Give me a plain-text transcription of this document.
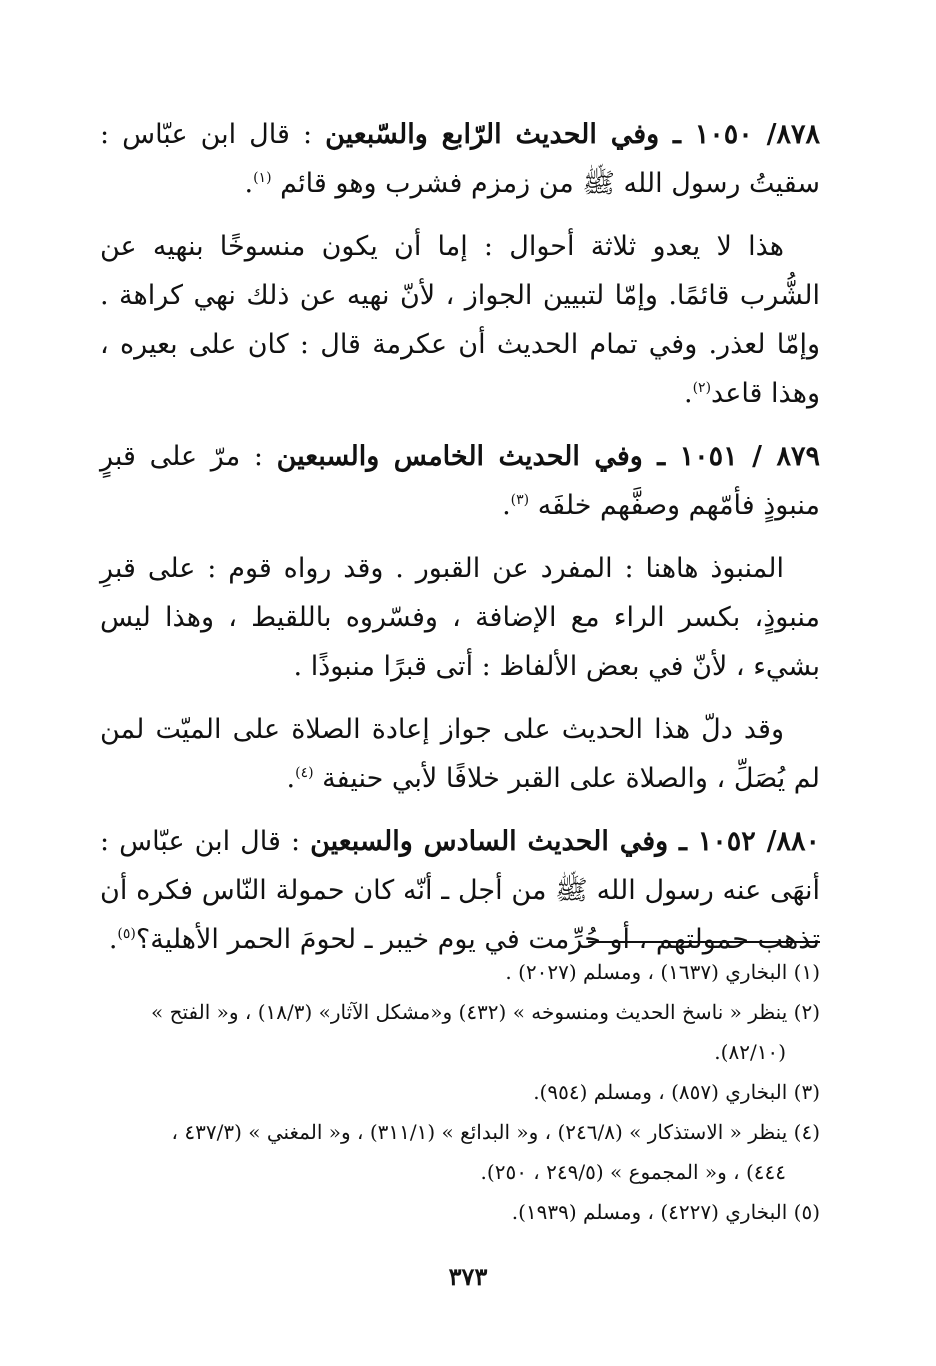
٨٧٨/ ١٠٥٠ ـ وفي الحديث الرّابع والسّبعين : قال ابن عبّاس : سقيتُ رسول الله ﷺ من زمزم فشرب وهو قائم $^{(١)}$.

هذا لا يعدو ثلاثة أحوال : إما أن يكون منسوخًا بنهيه عن الشُّرب قائمًا. وإمّا لتبيين الجواز ، لأنّ نهيه عن ذلك نهي كراهة . وإمّا لعذر. وفي تمام الحديث أن عكرمة قال : كان على بعيره ، وهذا قاعد$^{(٢)}$.

٨٧٩ / ١٠٥١ ـ وفي الحديث الخامس والسبعين : مرّ على قبرٍ منبوذٍ فأمّهم وصفَّهم خلفَه $^{(٣)}$.

المنبوذ هاهنا : المفرد عن القبور . وقد رواه قوم : على قبرِ منبوذٍ، بكسر الراء مع الإضافة ، وفسّروه باللقيط ، وهذا ليس بشيء ، لأنّ في بعض الألفاظ : أتى قبرًا منبوذًا .

وقد دلّ هذا الحديث على جواز إعادة الصلاة على الميّت لمن لم يُصَلِّ ، والصلاة على القبر خلافًا لأبي حنيفة $^{(٤)}$.

٨٨٠/ ١٠٥٢ ـ وفي الحديث السادس والسبعين : قال ابن عبّاس : أنهَى عنه رسول الله ﷺ من أجل ـ أنّه كان حمولة النّاس فكره أن تذهب حمولتهم ، أو حُرِّمت في يوم خيبر ـ لحومَ الحمر الأهلية؟$^{(٥)}$.

(١) البخاري (١٦٣٧) ، ومسلم (٢٠٢٧) .

(٢) ينظر « ناسخ الحديث ومنسوخه » (٤٣٢) و«مشكل الآثار» (١٨/٣) ، و« الفتح »
(٨٢/١٠).

(٣) البخاري (٨٥٧) ، ومسلم (٩٥٤).

(٤) ينظر « الاستذكار » (٢٤٦/٨) ، و« البدائع » (٣١١/١) ، و« المغني » (٤٣٧/٣ ،
٤٤٤) ، و« المجموع » (٢٤٩/٥ ، ٢٥٠).

(٥) البخاري (٤٢٢٧) ، ومسلم (١٩٣٩).

٣٧٣
